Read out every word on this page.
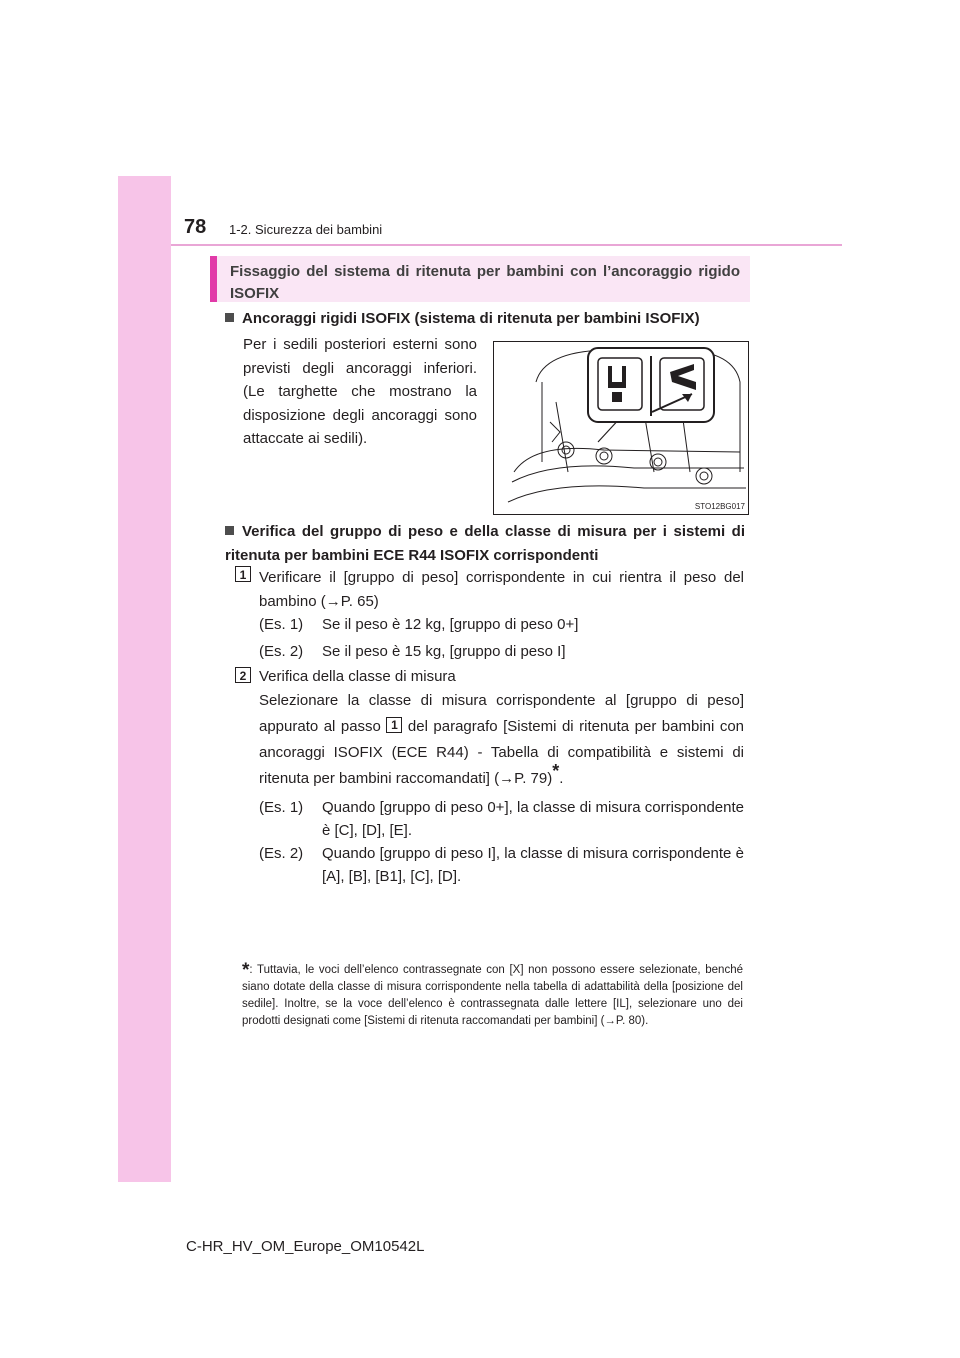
78 1-2. Sicurezza dei bambini
Fissaggio del sistema di ritenuta per bambini con l’ancoraggio rigido ISOFIX
Ancoraggi rigidi ISOFIX (sistema di ritenuta per bambini ISOFIX)
Per i sedili posteriori esterni sono previsti degli ancoraggi inferiori. (Le targhette che mostrano la disposizione degli ancoraggi sono attaccate ai sedili).
STO12BG017
Verifica del gruppo di peso e della classe di misura per i sistemi di ritenuta per bambini ECE R44 ISOFIX corrispondenti
1 Verificare il [gruppo di peso] corrispondente in cui rientra il peso del bambino (→P. 65)
(Es. 1) Se il peso è 12 kg, [gruppo di peso 0+]
(Es. 2) Se il peso è 15 kg, [gruppo di peso I]
2 Verifica della classe di misura
Selezionare la classe di misura corrispondente al [gruppo di peso] appurato al passo 1 del paragrafo [Sistemi di ritenuta per bambini con ancoraggi ISOFIX (ECE R44) - Tabella di compatibilità e sistemi di ritenuta per bambini raccomandati] (→P. 79)*.
(Es. 1) Quando [gruppo di peso 0+], la classe di misura corrispondente è [C], [D], [E].
(Es. 2) Quando [gruppo di peso I], la classe di misura corrispondente è [A], [B], [B1], [C], [D].
*: Tuttavia, le voci dell’elenco contrassegnate con [X] non possono essere selezionate, benché siano dotate della classe di misura corrispondente nella tabella di adattabilità della [posizione del sedile]. Inoltre, se la voce dell’elenco è contrassegnata dalle lettere [IL], selezionare uno dei prodotti designati come [Sistemi di ritenuta raccomandati per bambini] (→P. 80).
C-HR_HV_OM_Europe_OM10542L
